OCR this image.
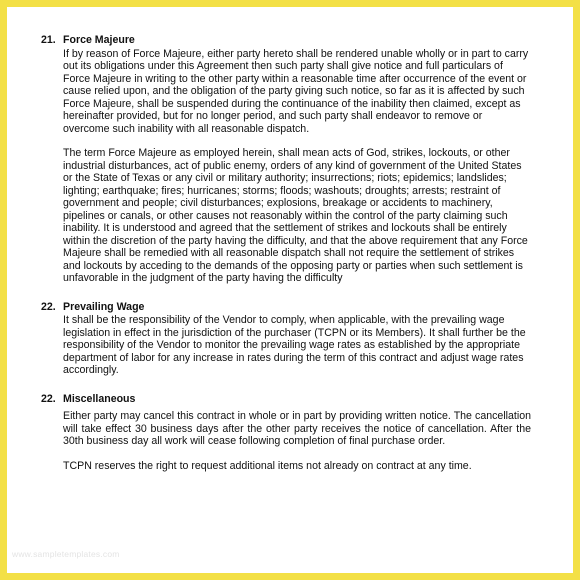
21. Force Majeure

If by reason of Force Majeure, either party hereto shall be rendered unable wholly or in part to carry out its obligations under this Agreement then such party shall give notice and full particulars of Force Majeure in writing to the other party within a reasonable time after occurrence of the event or cause relied upon, and the obligation of the party giving such notice, so far as it is affected by such Force Majeure, shall be suspended during the continuance of the inability then claimed, except as hereinafter provided, but for no longer period, and such party shall endeavor to remove or overcome such inability with all reasonable dispatch.

The term Force Majeure as employed herein, shall mean acts of God, strikes, lockouts, or other industrial disturbances, act of public enemy, orders of any kind of government of the United States or the State of Texas or any civil or military authority; insurrections; riots; epidemics; landslides; lighting; earthquake; fires; hurricanes; storms; floods; washouts; droughts; arrests; restraint of government and people; civil disturbances; explosions, breakage or accidents to machinery, pipelines or canals, or other causes not reasonably within the control of the party claiming such inability. It is understood and agreed that the settlement of strikes and lockouts shall be entirely within the discretion of the party having the difficulty, and that the above requirement that any Force Majeure shall be remedied with all reasonable dispatch shall not require the settlement of strikes and lockouts by acceding to the demands of the opposing party or parties when such settlement is unfavorable in the judgment of the party having the difficulty

22. Prevailing Wage

It shall be the responsibility of the Vendor to comply, when applicable, with the prevailing wage legislation in effect in the jurisdiction of the purchaser (TCPN or its Members). It shall further be the responsibility of the Vendor to monitor the prevailing wage rates as established by the appropriate department of labor for any increase in rates during the term of this contract and adjust wage rates accordingly.

22. Miscellaneous

Either party may cancel this contract in whole or in part by providing written notice. The cancellation will take effect 30 business days after the other party receives the notice of cancellation. After the 30th business day all work will cease following completion of final purchase order.

TCPN reserves the right to request additional items not already on contract at any time.

www.sampletemplates.com
